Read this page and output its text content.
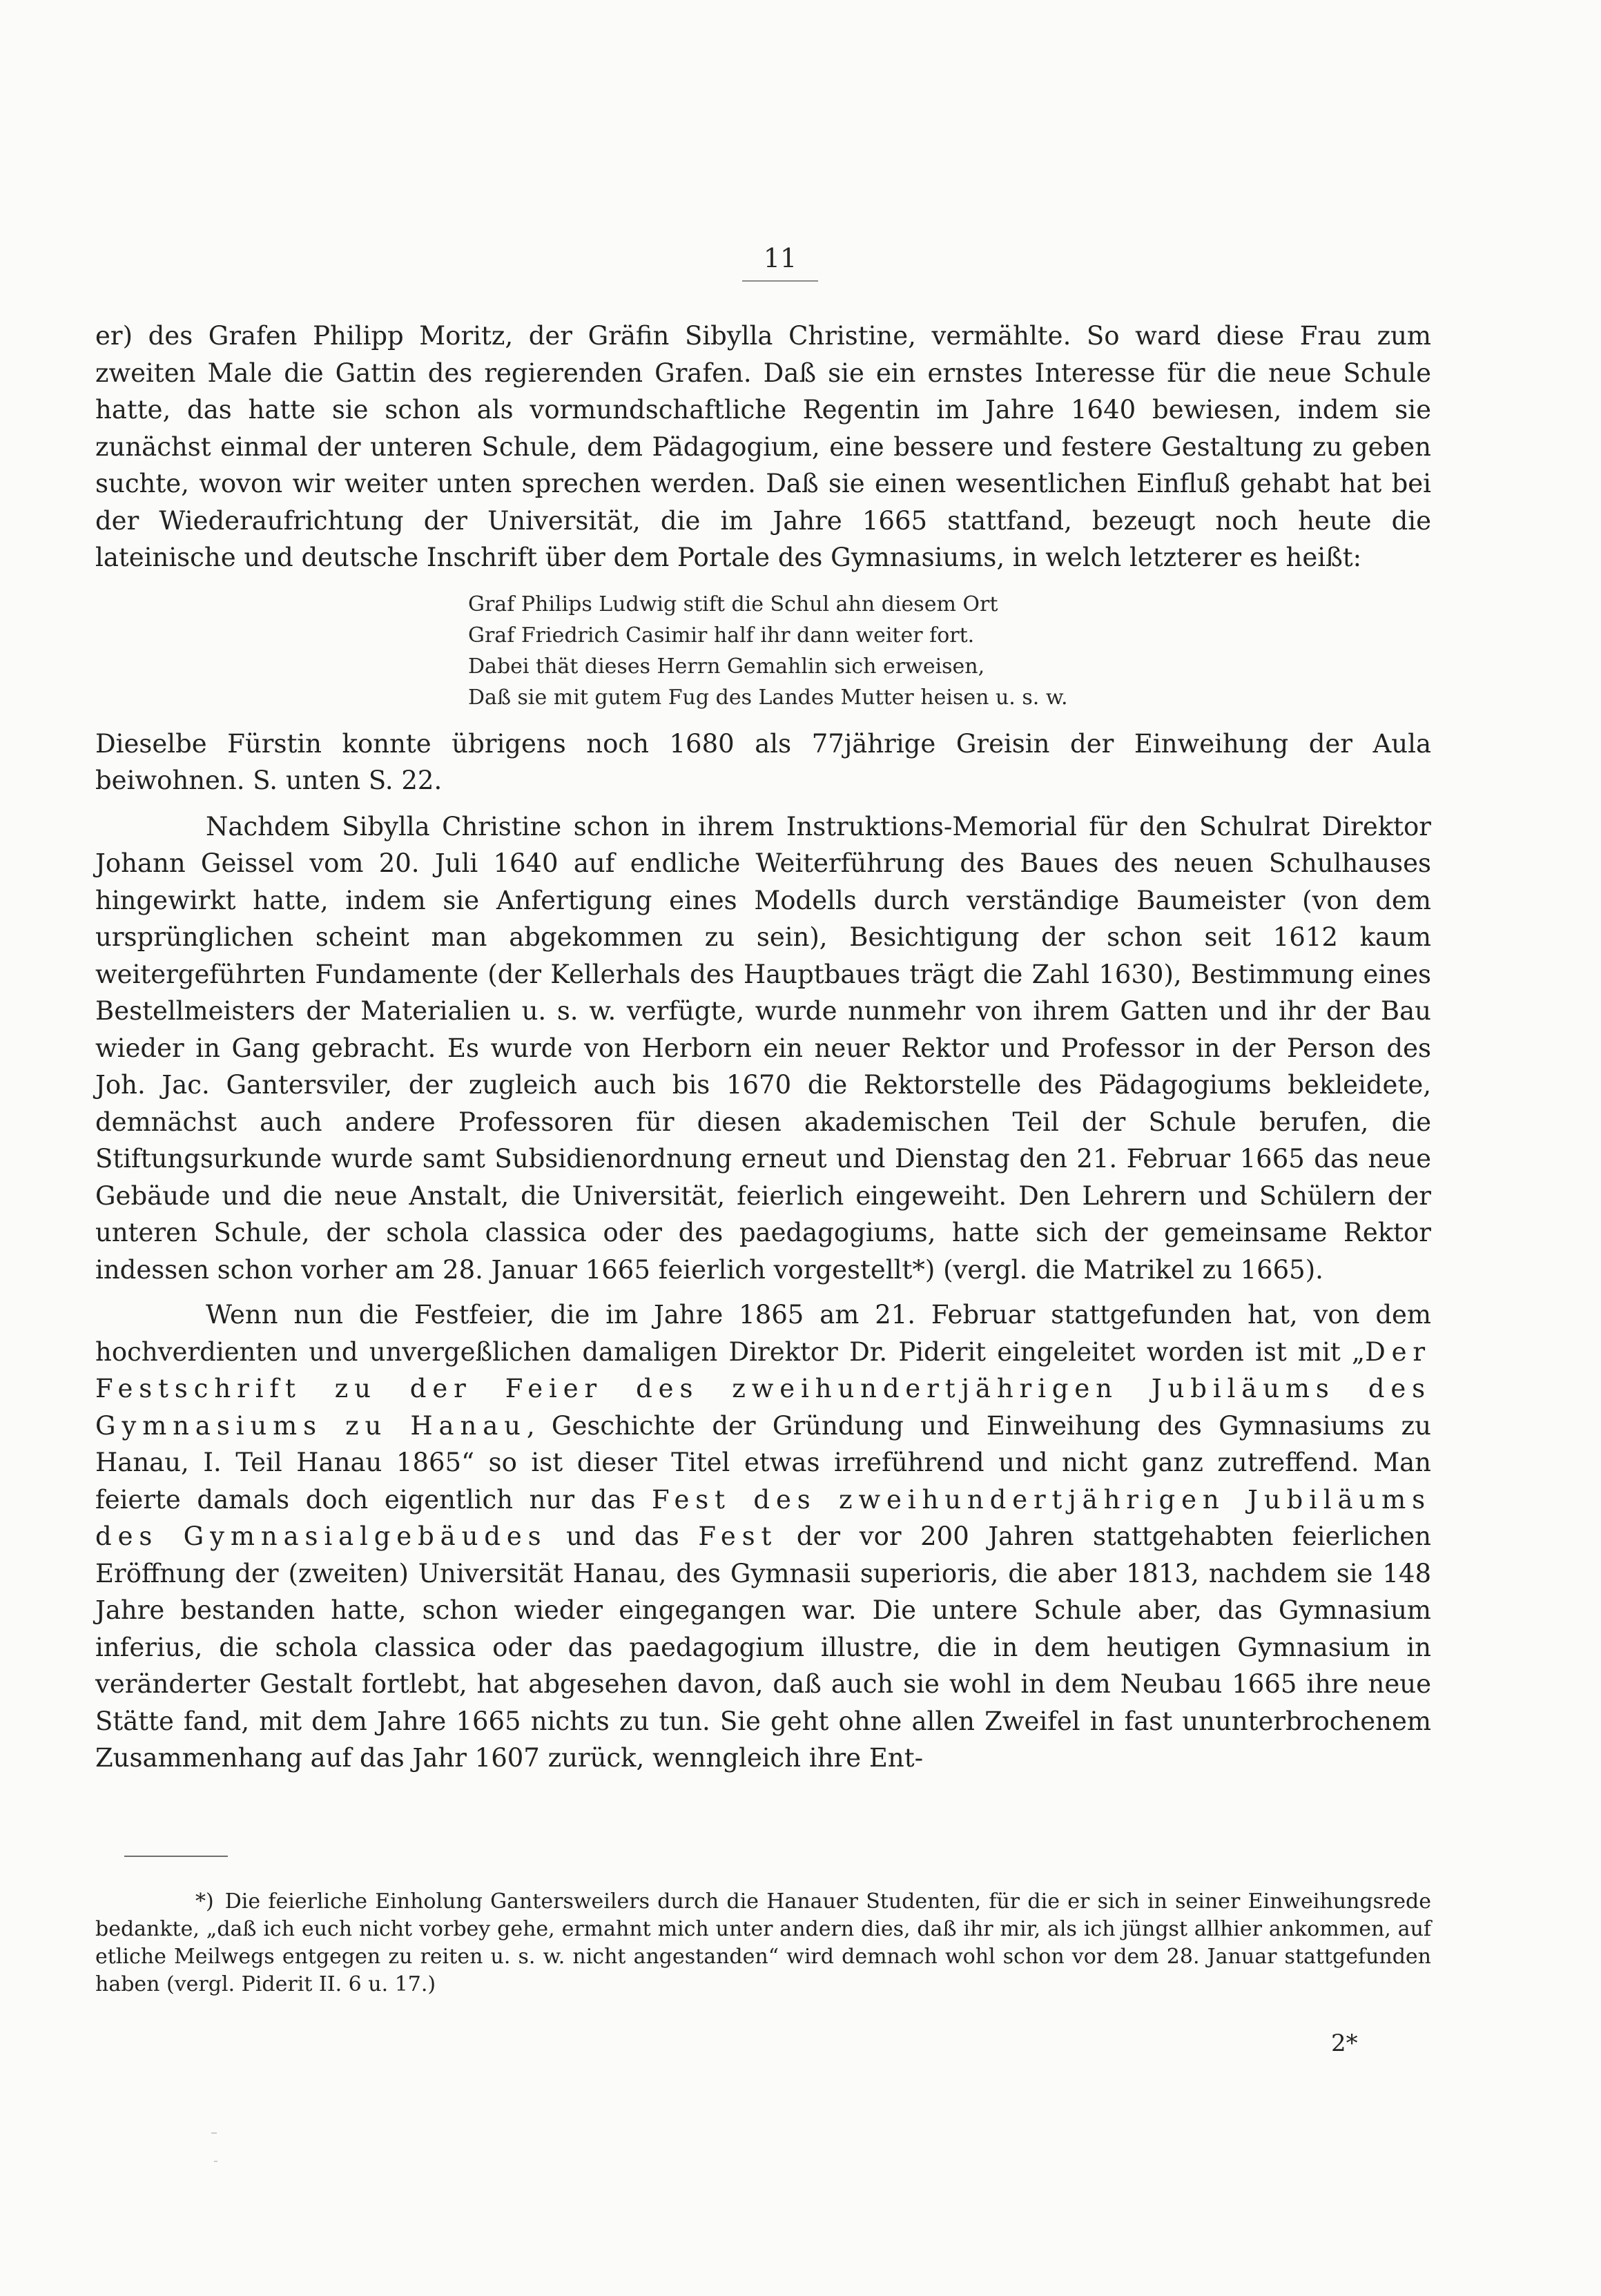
11

er) des Grafen Philipp Moritz, der Gräfin Sibylla Christine, vermählte. So ward diese Frau zum zweiten Male die Gattin des regierenden Grafen. Daß sie ein ernstes Interesse für die neue Schule hatte, das hatte sie schon als vormundschaftliche Regentin im Jahre 1640 bewiesen, indem sie zunächst einmal der unteren Schule, dem Pädagogium, eine bessere und festere Gestaltung zu geben suchte, wovon wir weiter unten sprechen werden. Daß sie einen wesentlichen Einfluß gehabt hat bei der Wiederaufrichtung der Universität, die im Jahre 1665 stattfand, bezeugt noch heute die lateinische und deutsche Inschrift über dem Portale des Gymnasiums, in welch letzterer es heißt:

Graf Philips Ludwig stift die Schul ahn diesem Ort
Graf Friedrich Casimir half ihr dann weiter fort.
Dabei thät dieses Herrn Gemahlin sich erweisen,
Daß sie mit gutem Fug des Landes Mutter heisen u. s. w.

Dieselbe Fürstin konnte übrigens noch 1680 als 77jährige Greisin der Einweihung der Aula beiwohnen. S. unten S. 22.

Nachdem Sibylla Christine schon in ihrem Instruktions-Memorial für den Schulrat Direktor Johann Geissel vom 20. Juli 1640 auf endliche Weiterführung des Baues des neuen Schulhauses hingewirkt hatte, indem sie Anfertigung eines Modells durch verständige Baumeister (von dem ursprünglichen scheint man abgekommen zu sein), Besichtigung der schon seit 1612 kaum weitergeführten Fundamente (der Kellerhals des Hauptbaues trägt die Zahl 1630), Bestimmung eines Bestellmeisters der Materialien u. s. w. verfügte, wurde nunmehr von ihrem Gatten und ihr der Bau wieder in Gang gebracht. Es wurde von Herborn ein neuer Rektor und Professor in der Person des Joh. Jac. Gantersviler, der zugleich auch bis 1670 die Rektorstelle des Pädagogiums bekleidete, demnächst auch andere Professoren für diesen akademischen Teil der Schule berufen, die Stiftungsurkunde wurde samt Subsidienordnung erneut und Dienstag den 21. Februar 1665 das neue Gebäude und die neue Anstalt, die Universität, feierlich eingeweiht. Den Lehrern und Schülern der unteren Schule, der schola classica oder des paedagogiums, hatte sich der gemeinsame Rektor indessen schon vorher am 28. Januar 1665 feierlich vorgestellt*) (vergl. die Matrikel zu 1665).

Wenn nun die Festfeier, die im Jahre 1865 am 21. Februar stattgefunden hat, von dem hochverdienten und unvergeßlichen damaligen Direktor Dr. Piderit eingeleitet worden ist mit „Der Festschrift zu der Feier des zweihundertjährigen Jubiläums des Gymnasiums zu Hanau, Geschichte der Gründung und Einweihung des Gymnasiums zu Hanau, I. Teil Hanau 1865“ so ist dieser Titel etwas irreführend und nicht ganz zutreffend. Man feierte damals doch eigentlich nur das Fest des zweihundertjährigen Jubiläums des Gymnasialgebäudes und das Fest der vor 200 Jahren stattgehabten feierlichen Eröffnung der (zweiten) Universität Hanau, des Gymnasii superioris, die aber 1813, nachdem sie 148 Jahre bestanden hatte, schon wieder eingegangen war. Die untere Schule aber, das Gymnasium inferius, die schola classica oder das paedagogium illustre, die in dem heutigen Gymnasium in veränderter Gestalt fortlebt, hat abgesehen davon, daß auch sie wohl in dem Neubau 1665 ihre neue Stätte fand, mit dem Jahre 1665 nichts zu tun. Sie geht ohne allen Zweifel in fast ununterbrochenem Zusammenhang auf das Jahr 1607 zurück, wenngleich ihre Ent-

*) Die feierliche Einholung Gantersweilers durch die Hanauer Studenten, für die er sich in seiner Einweihungsrede bedankte, „daß ich euch nicht vorbey gehe, ermahnt mich unter andern dies, daß ihr mir, als ich jüngst allhier ankommen, auf etliche Meilwegs entgegen zu reiten u. s. w. nicht angestanden“ wird demnach wohl schon vor dem 28. Januar stattgefunden haben (vergl. Piderit II. 6 u. 17.)
2*
